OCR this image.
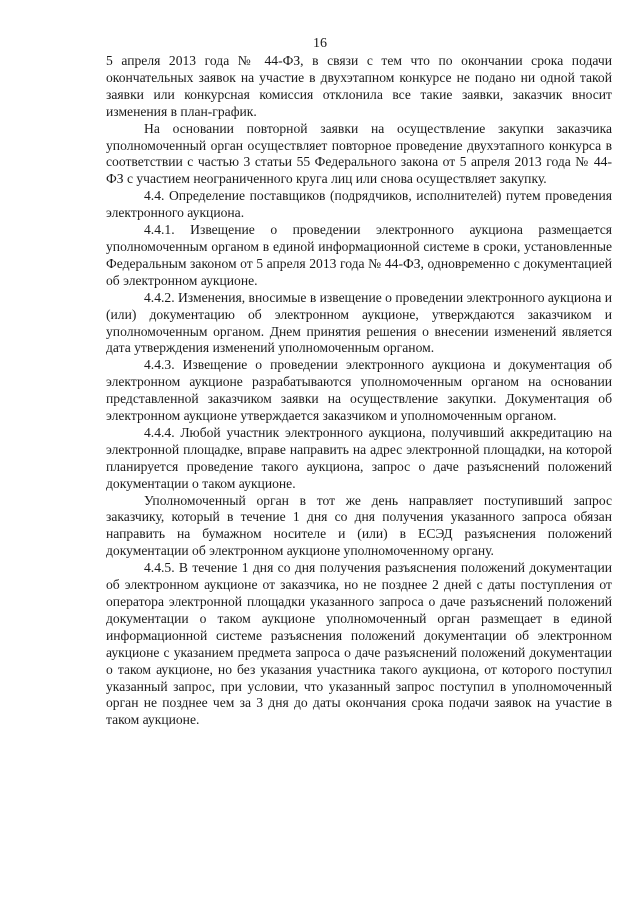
16

5 апреля 2013 года № 44-ФЗ, в связи с тем что по окончании срока подачи окончательных заявок на участие в двухэтапном конкурсе не подано ни одной такой заявки или конкурсная комиссия отклонила все такие заявки, заказчик вносит изменения в план-график.

На основании повторной заявки на осуществление закупки заказчика уполномоченный орган осуществляет повторное проведение двухэтапного конкурса в соответствии с частью 3 статьи 55 Федерального закона от 5 апреля 2013 года № 44-ФЗ с участием неограниченного круга лиц или снова осуществляет закупку.

4.4. Определение поставщиков (подрядчиков, исполнителей) путем проведения электронного аукциона.

4.4.1. Извещение о проведении электронного аукциона размещается уполномоченным органом в единой информационной системе в сроки, установленные Федеральным законом от 5 апреля 2013 года № 44-ФЗ, одновременно с документацией об электронном аукционе.

4.4.2. Изменения, вносимые в извещение о проведении электронного аукциона и (или) документацию об электронном аукционе, утверждаются заказчиком и уполномоченным органом. Днем принятия решения о внесении изменений является дата утверждения изменений уполномоченным органом.

4.4.3. Извещение о проведении электронного аукциона и документация об электронном аукционе разрабатываются уполномоченным органом на основании представленной заказчиком заявки на осуществление закупки. Документация об электронном аукционе утверждается заказчиком и уполномоченным органом.

4.4.4. Любой участник электронного аукциона, получивший аккредитацию на электронной площадке, вправе направить на адрес электронной площадки, на которой планируется проведение такого аукциона, запрос о даче разъяснений положений документации о таком аукционе.

Уполномоченный орган в тот же день направляет поступивший запрос заказчику, который в течение 1 дня со дня получения указанного запроса обязан направить на бумажном носителе и (или) в ЕСЭД разъяснения положений документации об электронном аукционе уполномоченному органу.

4.4.5. В течение 1 дня со дня получения разъяснения положений документации об электронном аукционе от заказчика, но не позднее 2 дней с даты поступления от оператора электронной площадки указанного запроса о даче разъяснений положений документации о таком аукционе уполномоченный орган размещает в единой информационной системе разъяснения положений документации об электронном аукционе с указанием предмета запроса о даче разъяснений положений документации о таком аукционе, но без указания участника такого аукциона, от которого поступил указанный запрос, при условии, что указанный запрос поступил в уполномоченный орган не позднее чем за 3 дня до даты окончания срока подачи заявок на участие в таком аукционе.
